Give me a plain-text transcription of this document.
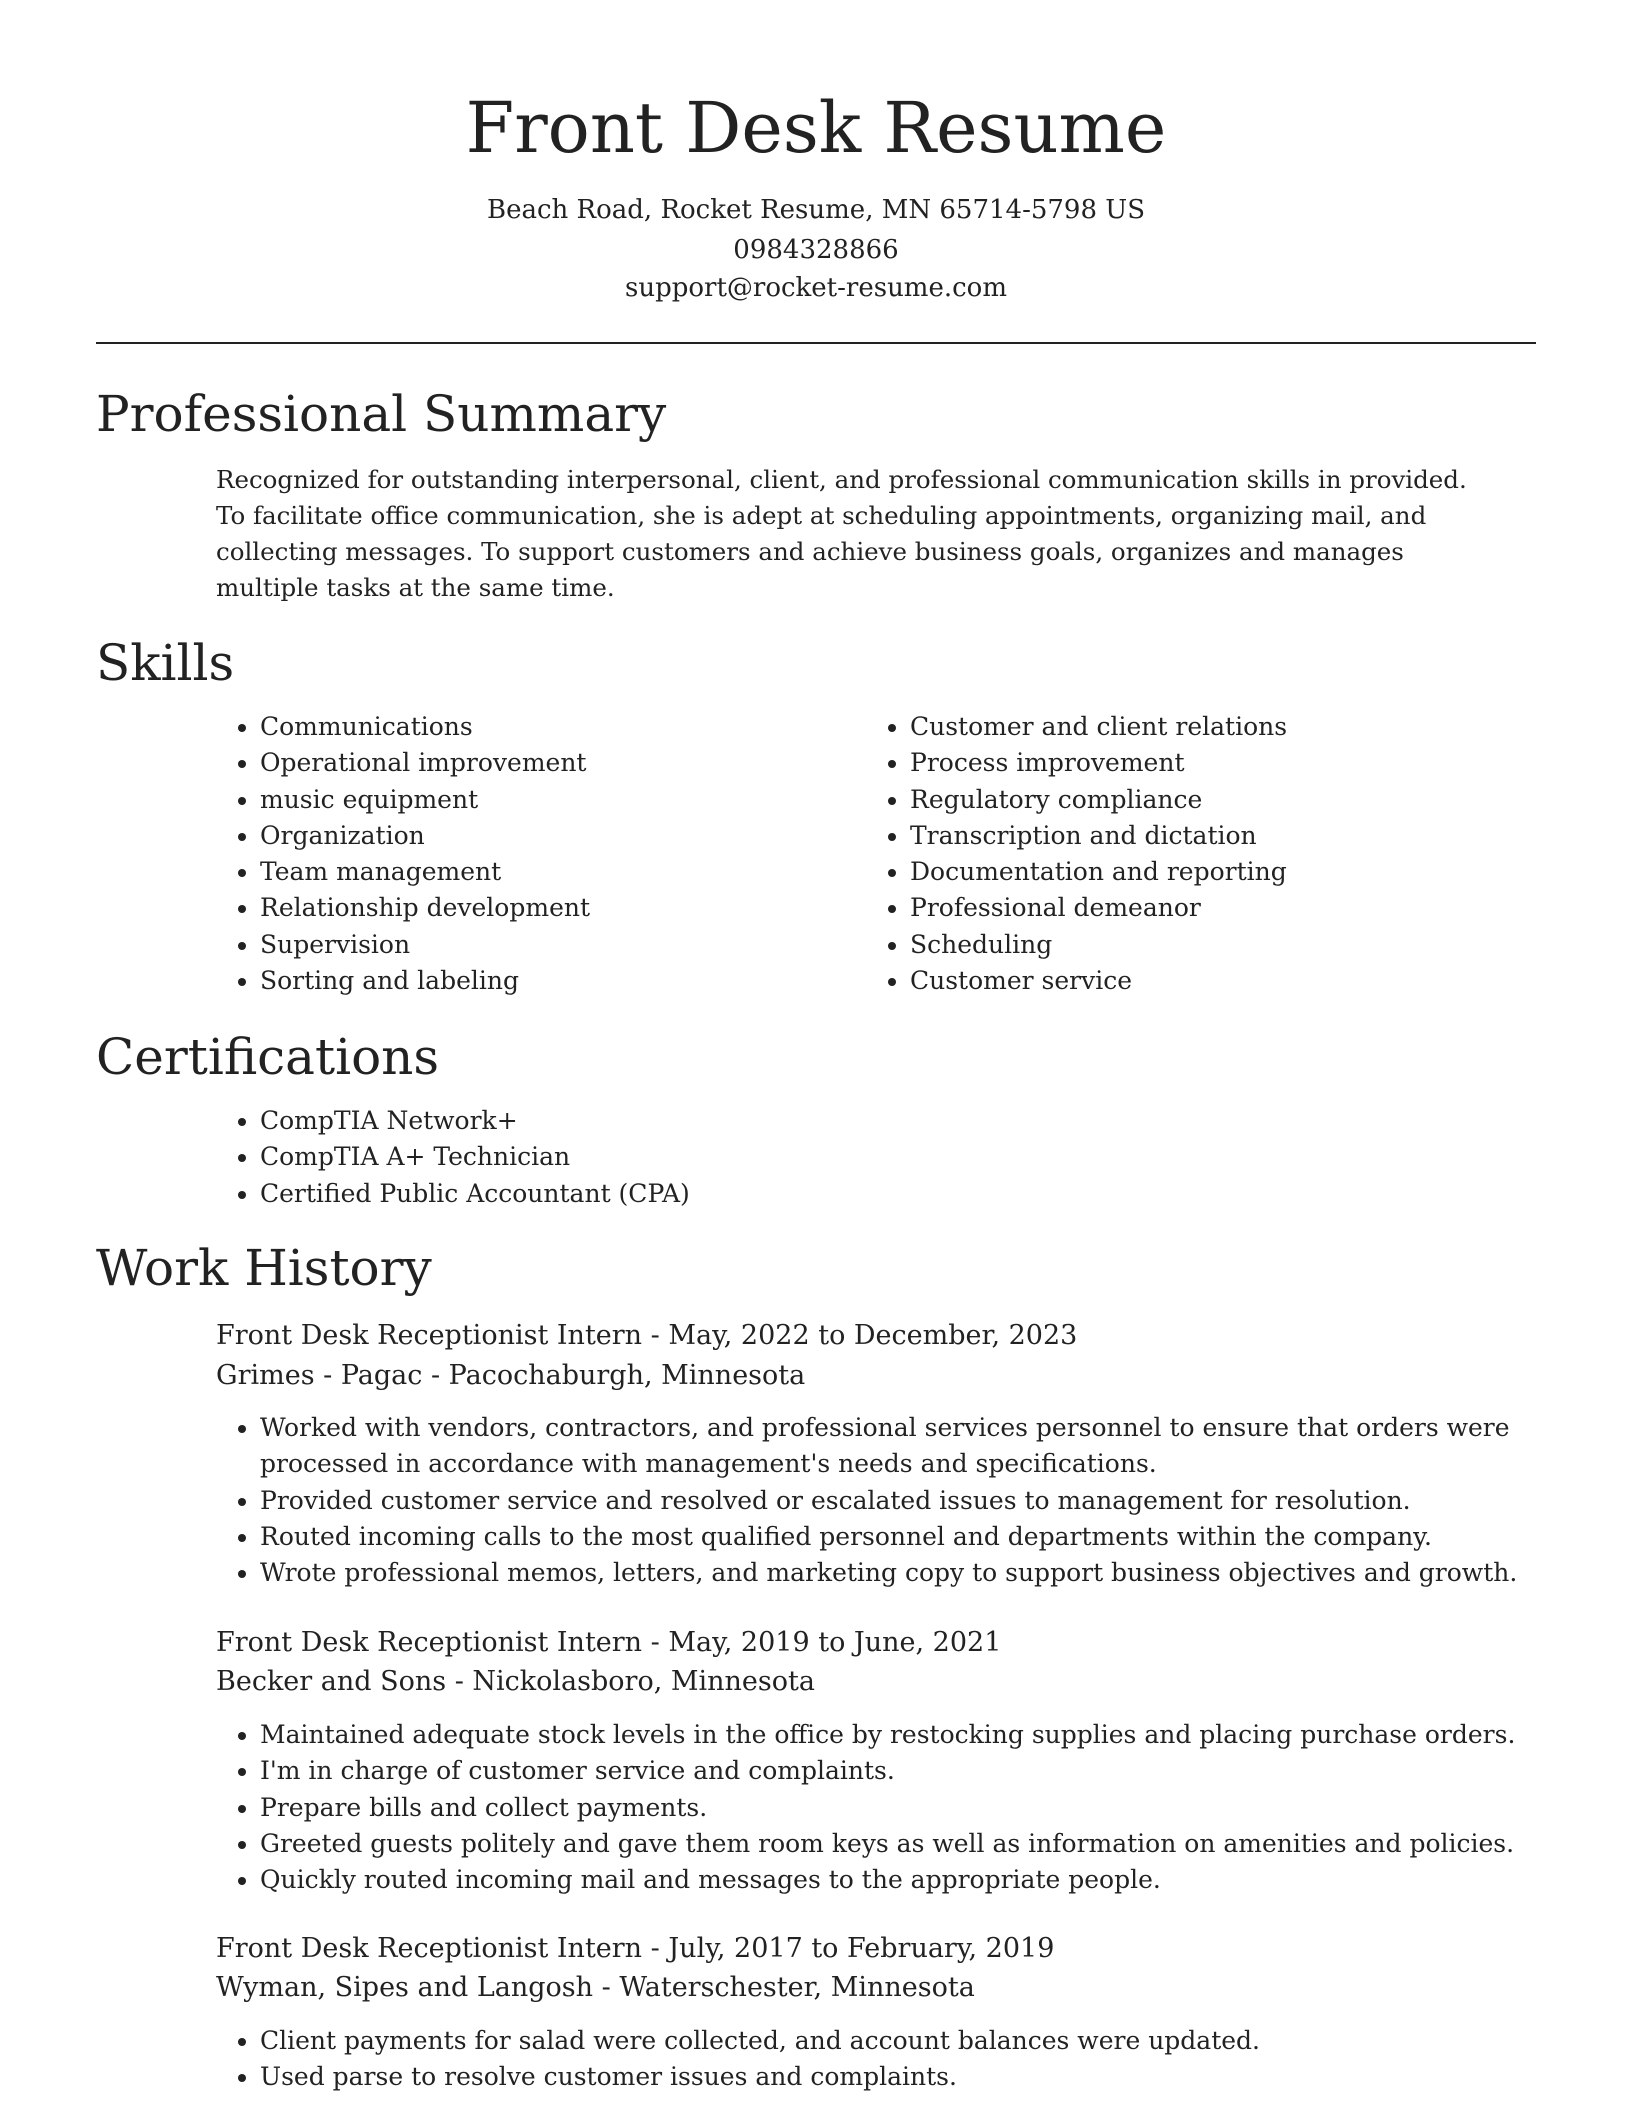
Front Desk Resume
Beach Road, Rocket Resume, MN 65714-5798 US
0984328866
support@rocket-resume.com
Professional Summary

Recognized for outstanding interpersonal, client, and professional communication skills in provided. To facilitate office communication, she is adept at scheduling appointments, organizing mail, and collecting messages. To support customers and achieve business goals, organizes and manages multiple tasks at the same time.

Skills
• Communications
• Operational improvement
• music equipment
• Organization
• Team management
• Relationship development
• Supervision
• Sorting and labeling
• Customer and client relations
• Process improvement
• Regulatory compliance
• Transcription and dictation
• Documentation and reporting
• Professional demeanor
• Scheduling
• Customer service
Certifications
• CompTIA Network+
• CompTIA A+ Technician
• Certified Public Accountant (CPA)
Work History
Front Desk Receptionist Intern - May, 2022 to December, 2023
Grimes - Pagac - Pacochaburgh, Minnesota
• Worked with vendors, contractors, and professional services personnel to ensure that orders were processed in accordance with management's needs and specifications.
• Provided customer service and resolved or escalated issues to management for resolution.
• Routed incoming calls to the most qualified personnel and departments within the company.
• Wrote professional memos, letters, and marketing copy to support business objectives and growth.
Front Desk Receptionist Intern - May, 2019 to June, 2021
Becker and Sons - Nickolasboro, Minnesota
• Maintained adequate stock levels in the office by restocking supplies and placing purchase orders.
• I'm in charge of customer service and complaints.
• Prepare bills and collect payments.
• Greeted guests politely and gave them room keys as well as information on amenities and policies.
• Quickly routed incoming mail and messages to the appropriate people.
Front Desk Receptionist Intern - July, 2017 to February, 2019
Wyman, Sipes and Langosh - Waterschester, Minnesota
• Client payments for salad were collected, and account balances were updated.
• Used parse to resolve customer issues and complaints.
